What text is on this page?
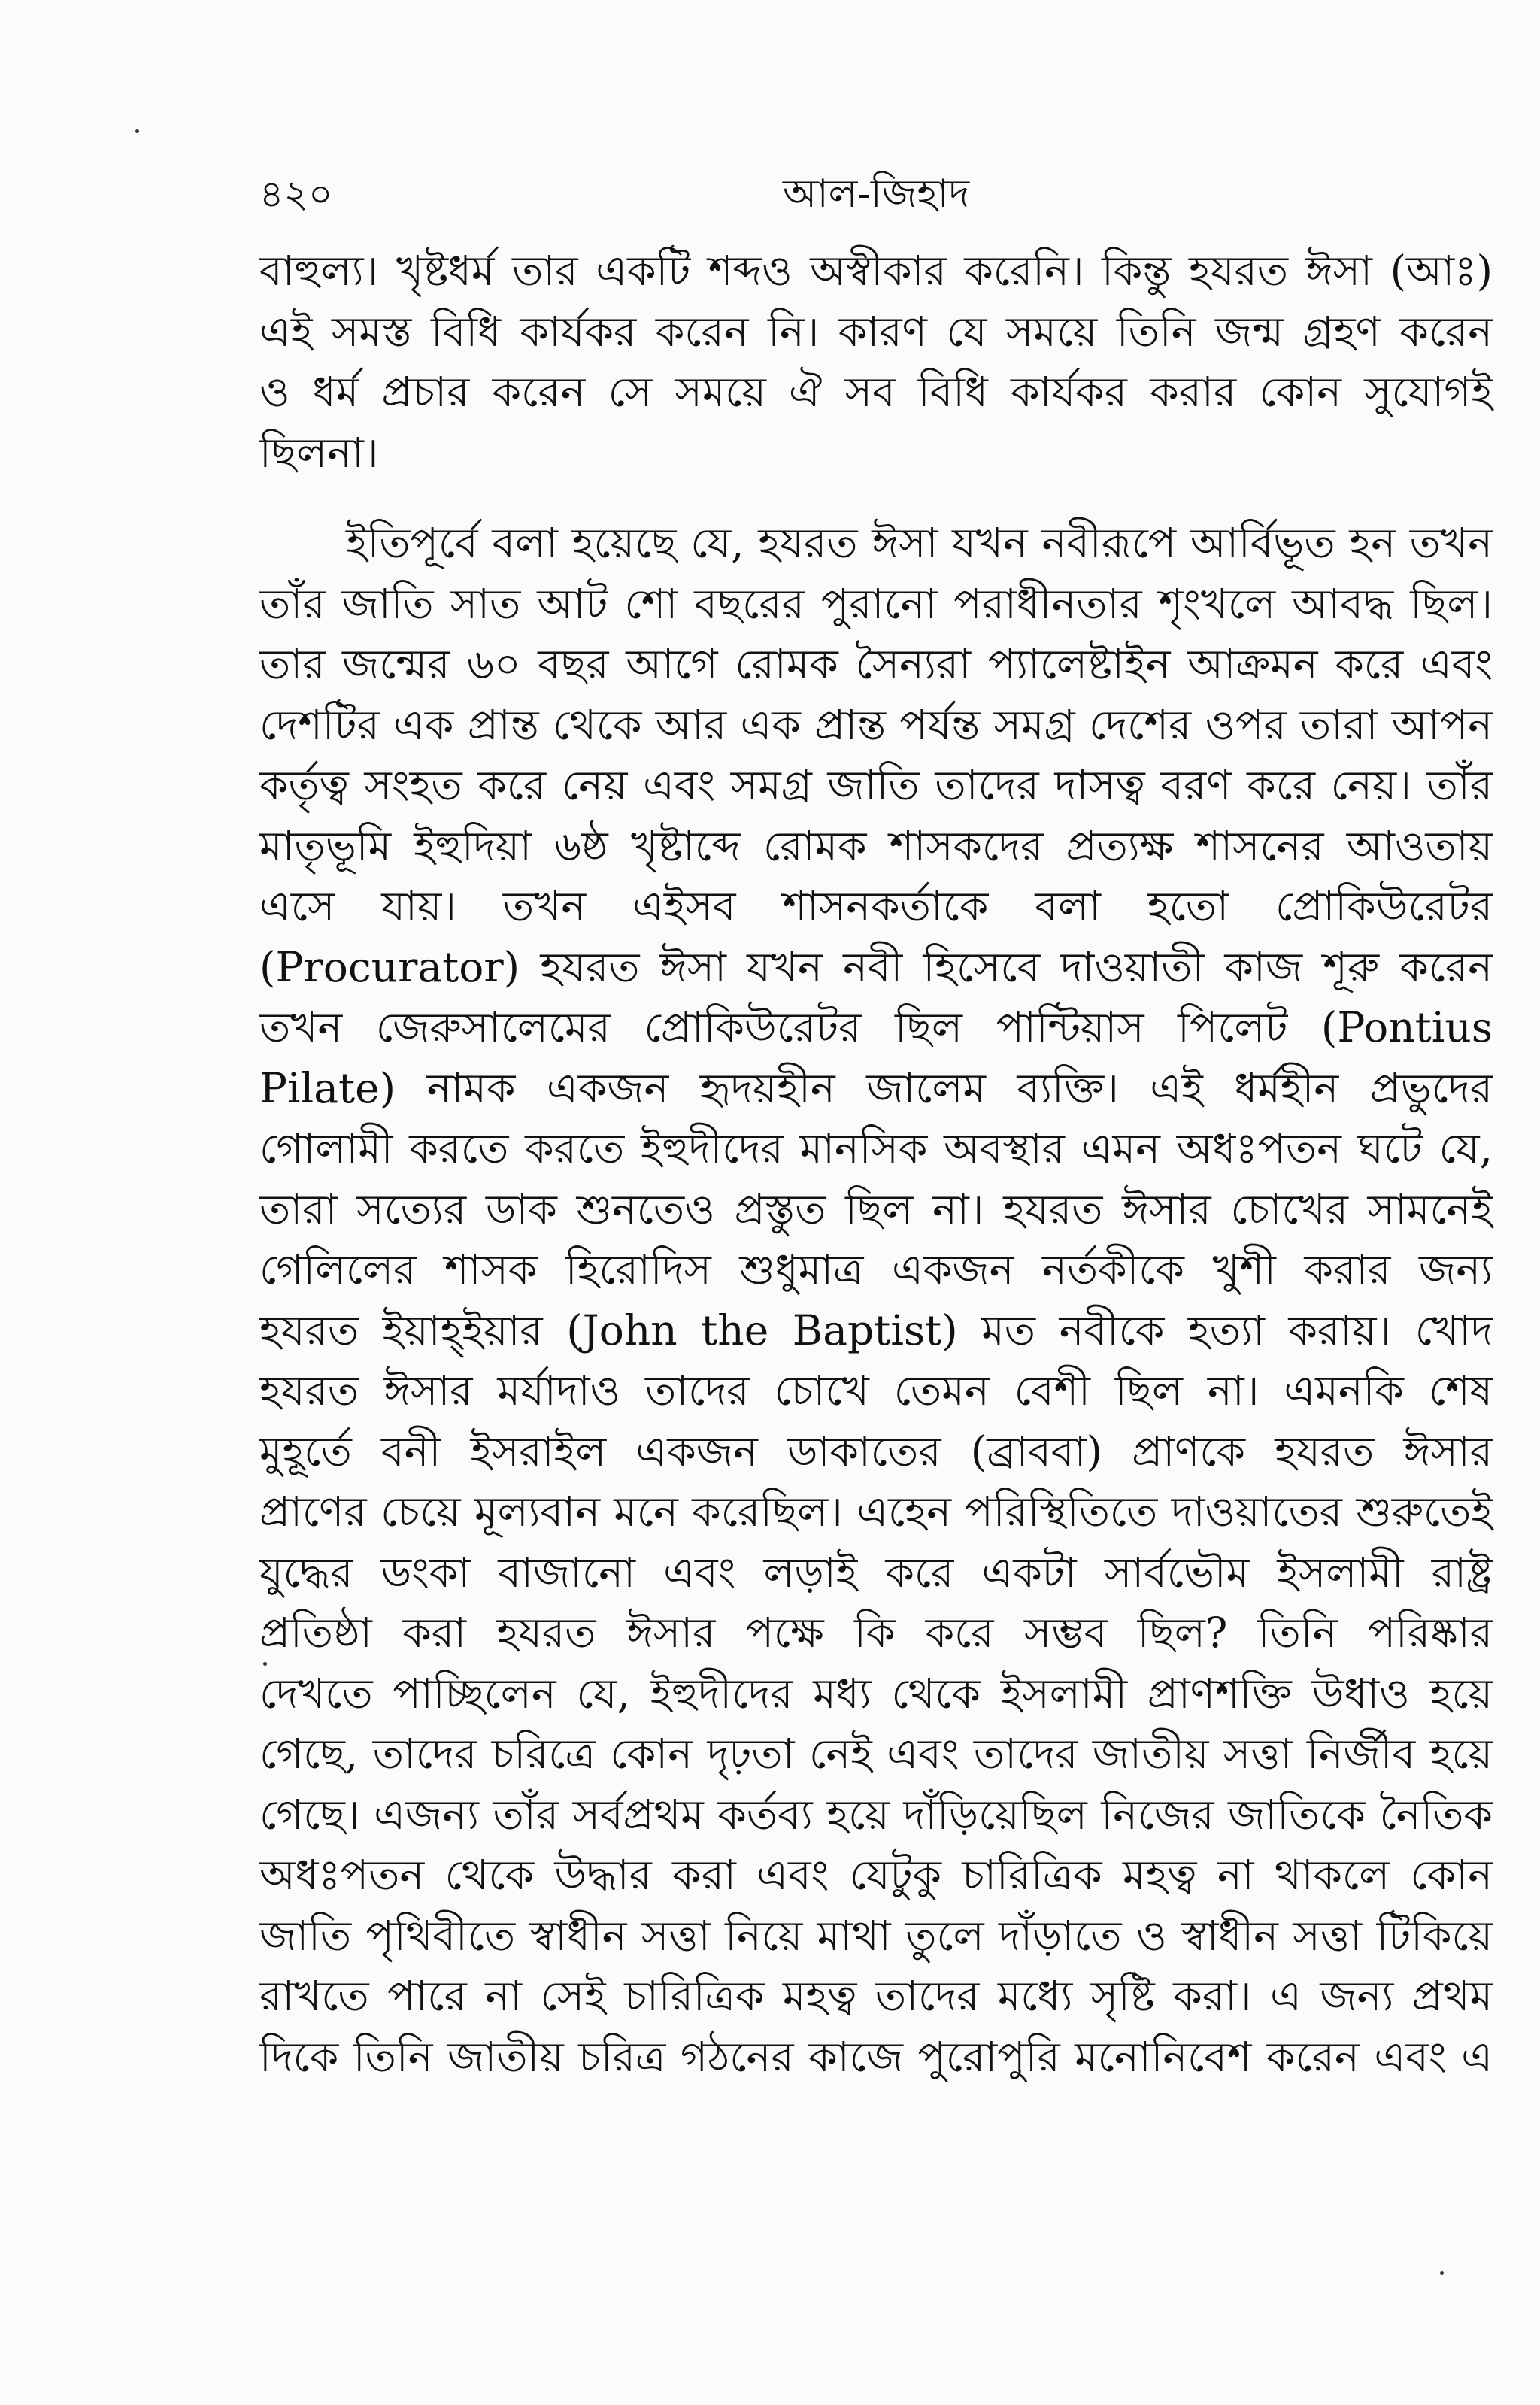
৪২০	আল-জিহাদ
বাহুল্য। খৃষ্টধর্ম তার একটি শব্দও অস্বীকার করেনি। কিন্তু হযরত ঈসা (আঃ)
এই সমস্ত বিধি কার্যকর করেন নি। কারণ যে সময়ে তিনি জন্ম গ্রহণ করেন
ও ধর্ম প্রচার করেন সে সময়ে ঐ সব বিধি কার্যকর করার কোন সুযোগই
ছিলনা।
ইতিপূর্বে বলা হয়েছে যে, হযরত ঈসা যখন নবীরূপে আর্বিভূত হন তখন
তাঁর জাতি সাত আট শো বছরের পুরানো পরাধীনতার শৃংখলে আবদ্ধ ছিল।
তার জন্মের ৬০ বছর আগে রোমক সৈন্যরা প্যালেষ্টাইন আক্রমন করে এবং
দেশটির এক প্রান্ত থেকে আর এক প্রান্ত পর্যন্ত সমগ্র দেশের ওপর তারা আপন
কর্তৃত্ব সংহত করে নেয় এবং সমগ্র জাতি তাদের দাসত্ব বরণ করে নেয়। তাঁর
মাতৃভূমি ইহুদিয়া ৬ষ্ঠ খৃষ্টাব্দে রোমক শাসকদের প্রত্যক্ষ শাসনের আওতায়
এসে যায়। তখন এইসব শাসনকর্তাকে বলা হতো প্রোকিউরেটর
(Procurator) হযরত ঈসা যখন নবী হিসেবে দাওয়াতী কাজ শূরু করেন
তখন জেরুসালেমের প্রোকিউরেটর ছিল পান্টিয়াস পিলেট (Pontius
Pilate) নামক একজন হৃদয়হীন জালেম ব্যক্তি। এই ধর্মহীন প্রভুদের
গোলামী করতে করতে ইহুদীদের মানসিক অবস্থার এমন অধঃপতন ঘটে যে,
তারা সত্যের ডাক শুনতেও প্রস্তুত ছিল না। হযরত ঈসার চোখের সামনেই
গেলিলের শাসক হিরোদিস শুধুমাত্র একজন নর্তকীকে খুশী করার জন্য
হযরত ইয়াহ্ইয়ার (John the Baptist) মত নবীকে হত্যা করায়। খোদ
হযরত ঈসার মর্যাদাও তাদের চোখে তেমন বেশী ছিল না। এমনকি শেষ
মুহূর্তে বনী ইসরাইল একজন ডাকাতের (ব্রাববা) প্রাণকে হযরত ঈসার
প্রাণের চেয়ে মূল্যবান মনে করেছিল। এহেন পরিস্থিতিতে দাওয়াতের শুরুতেই
যুদ্ধের ডংকা বাজানো এবং লড়াই করে একটা সার্বভৌম ইসলামী রাষ্ট্র
প্রতিষ্ঠা করা হযরত ঈসার পক্ষে কি করে সম্ভব ছিল? তিনি পরিষ্কার
দেখতে পাচ্ছিলেন যে, ইহুদীদের মধ্য থেকে ইসলামী প্রাণশক্তি উধাও হয়ে
গেছে, তাদের চরিত্রে কোন দৃঢ়তা নেই এবং তাদের জাতীয় সত্তা নির্জীব হয়ে
গেছে। এজন্য তাঁর সর্বপ্রথম কর্তব্য হয়ে দাঁড়িয়েছিল নিজের জাতিকে নৈতিক
অধঃপতন থেকে উদ্ধার করা এবং যেটুকু চারিত্রিক মহত্ব না থাকলে কোন
জাতি পৃথিবীতে স্বাধীন সত্তা নিয়ে মাথা তুলে দাঁড়াতে ও স্বাধীন সত্তা টিকিয়ে
রাখতে পারে না সেই চারিত্রিক মহত্ব তাদের মধ্যে সৃষ্টি করা। এ জন্য প্রথম
দিকে তিনি জাতীয় চরিত্র গঠনের কাজে পুরোপুরি মনোনিবেশ করেন এবং এ
